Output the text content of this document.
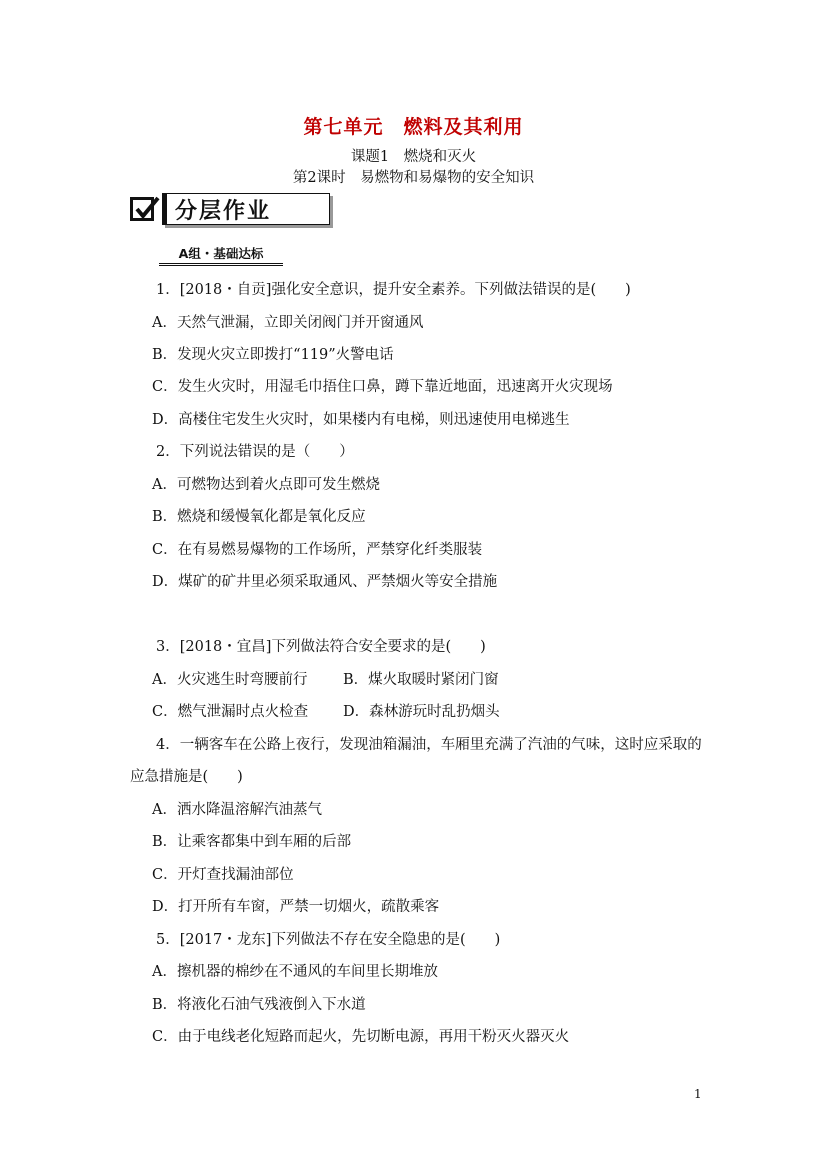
第七单元　燃料及其利用
课题1　燃烧和灭火
第2课时　易燃物和易爆物的安全知识
分层作业
A组・基础达标
1．[2018・自贡]强化安全意识，提升安全素养。下列做法错误的是(　　)
A．天然气泄漏，立即关闭阀门并开窗通风
B．发现火灾立即拨打“119”火警电话
C．发生火灾时，用湿毛巾捂住口鼻，蹲下靠近地面，迅速离开火灾现场
D．高楼住宅发生火灾时，如果楼内有电梯，则迅速使用电梯逃生
2．下列说法错误的是（　　）
A．可燃物达到着火点即可发生燃烧
B．燃烧和缓慢氧化都是氧化反应
C．在有易燃易爆物的工作场所，严禁穿化纤类服装
D．煤矿的矿井里必须采取通风、严禁烟火等安全措施
3．[2018・宜昌]下列做法符合安全要求的是(　　)
A．火灾逃生时弯腰前行 B．煤火取暖时紧闭门窗
C．燃气泄漏时点火检查 D．森林游玩时乱扔烟头
4．一辆客车在公路上夜行，发现油箱漏油，车厢里充满了汽油的气味，这时应采取的
应急措施是(　　)
A．洒水降温溶解汽油蒸气
B．让乘客都集中到车厢的后部
C．开灯查找漏油部位
D．打开所有车窗，严禁一切烟火，疏散乘客
5．[2017・龙东]下列做法不存在安全隐患的是(　　)
A．擦机器的棉纱在不通风的车间里长期堆放
B．将液化石油气残液倒入下水道
C．由于电线老化短路而起火，先切断电源，再用干粉灭火器灭火
1
